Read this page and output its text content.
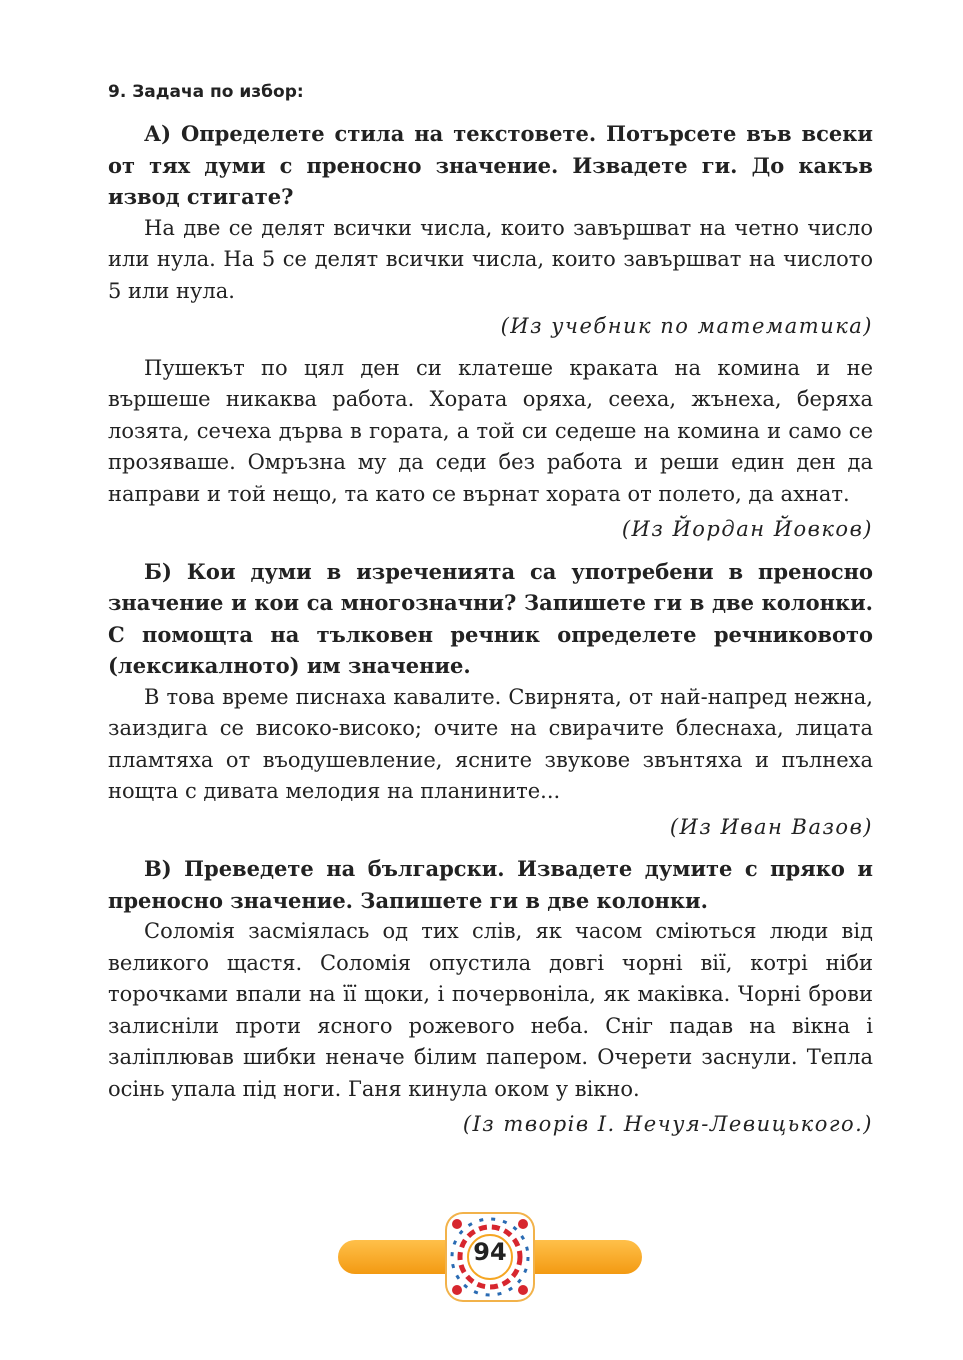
9. Задача по избор:

А) Определете стила на текстовете. Потърсете във всеки от тях думи с преносно значение. Извадете ги. До какъв извод стигате?

На две се делят всички числа, които завършват на четно число или нула. На 5 се делят всички числа, които завършват на числото 5 или нула.

(Из учебник по математика)

Пушекът по цял ден си клатеше краката на комина и не вършеше никаква работа. Хората оряха, сееха, жънеха, беряха лозята, сечеха дърва в гората, а той си седеше на комина и само се прозяваше. Омръзна му да седи без работа и реши един ден да направи и той нещо, та като се върнат хората от полето, да ахнат.

(Из Йордан Йовков)

Б) Кои думи в изреченията са употребени в преносно значение и кои са многозначни? Запишете ги в две колонки. С помощта на тълковен речник определете речниковото (лексикалното) им значение.

В това време писнаха кавалите. Свирнята, от най-напред нежна, заиздига се високо-високо; очите на свирачите блеснаха, лицата пламтяха от въодушевление, ясните звукове звънтяха и пълнеха нощта с дивата мелодия на планините...

(Из Иван Вазов)

В) Преведете на български. Извадете думите с пряко и преносно значение. Запишете ги в две колонки.

Соломія засміялась од тих слів, як часом сміються люди від великого щастя. Соломія опустила довгі чорні вії, котрі ніби торочками впали на її щоки, і почервоніла, як маківка. Чорні брови залисніли проти ясного рожевого неба. Сніг падав на вікна і заліплював шибки неначе білим папером. Очерети заснули. Тепла осінь упала під ноги. Ганя кинула оком у вікно.

(Із творів І. Нечуя-Левицького.)

94
